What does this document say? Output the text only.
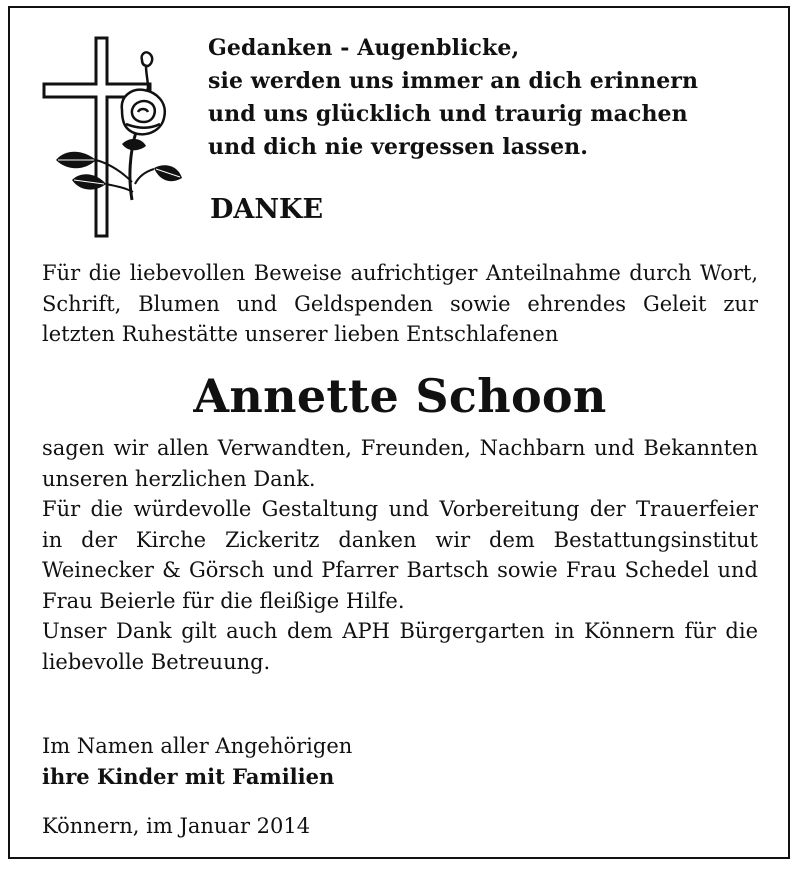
Gedanken - Augenblicke,
sie werden uns immer an dich erinnern
und uns glücklich und traurig machen
und dich nie vergessen lassen.
DANKE

Für die liebevollen Beweise aufrichtiger Anteilnahme durch Wort, Schrift, Blumen und Geldspenden sowie ehrendes Geleit zur letzten Ruhestätte unserer lieben Entschlafenen

Annette Schoon

sagen wir allen Verwandten, Freunden, Nachbarn und Bekannten unseren herzlichen Dank.

Für die würdevolle Gestaltung und Vorbereitung der Trauerfeier in der Kirche Zickeritz danken wir dem Bestattungsinstitut Weinecker & Görsch und Pfarrer Bartsch sowie Frau Schedel und Frau Beierle für die fleißige Hilfe.

Unser Dank gilt auch dem APH Bürgergarten in Könnern für die liebevolle Betreuung.

Im Namen aller Angehörigen
ihre Kinder mit Familien
Könnern, im Januar 2014
